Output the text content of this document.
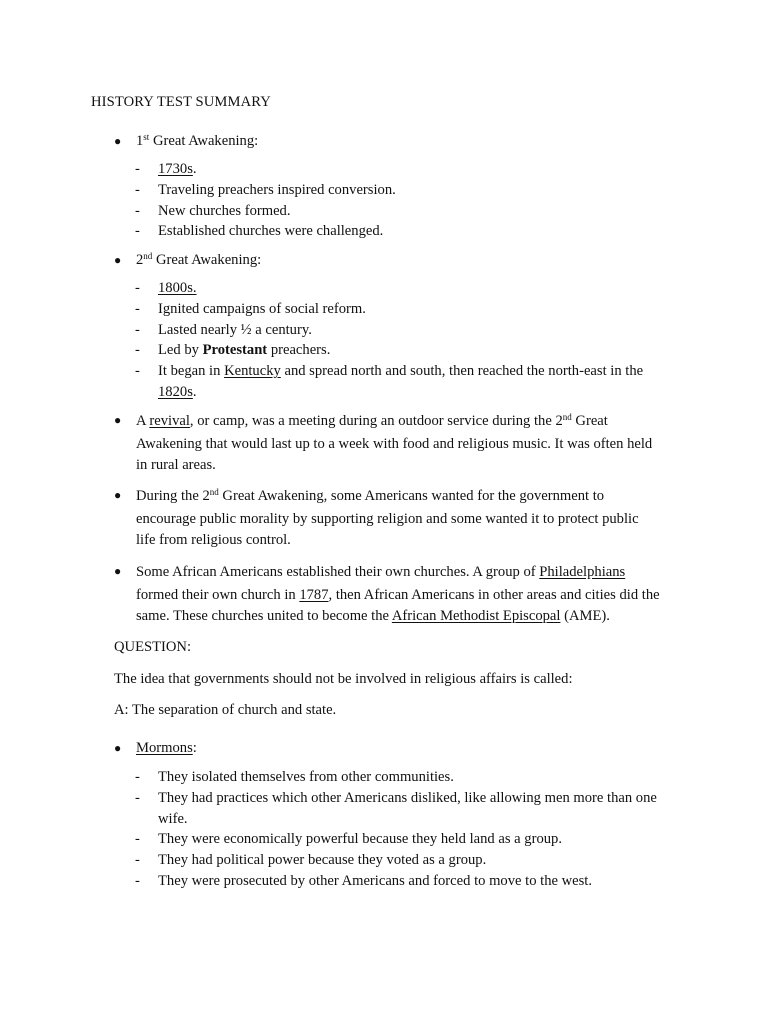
HISTORY TEST SUMMARY
● 1st Great Awakening:
- 1730s.
- Traveling preachers inspired conversion.
- New churches formed.
- Established churches were challenged.
● 2nd Great Awakening:
- 1800s.
- Ignited campaigns of social reform.
- Lasted nearly ½ a century.
- Led by Protestant preachers.
- It began in Kentucky and spread north and south, then reached the north-east in the
1820s.
● A revival, or camp, was a meeting during an outdoor service during the 2nd Great
Awakening that would last up to a week with food and religious music. It was often held
in rural areas.
● During the 2nd Great Awakening, some Americans wanted for the government to
encourage public morality by supporting religion and some wanted it to protect public
life from religious control.
● Some African Americans established their own churches. A group of Philadelphians
formed their own church in 1787, then African Americans in other areas and cities did the
same. These churches united to become the African Methodist Episcopal (AME).
QUESTION:
The idea that governments should not be involved in religious affairs is called:
A: The separation of church and state.
● Mormons:
- They isolated themselves from other communities.
- They had practices which other Americans disliked, like allowing men more than one
wife.
- They were economically powerful because they held land as a group.
- They had political power because they voted as a group.
- They were prosecuted by other Americans and forced to move to the west.
